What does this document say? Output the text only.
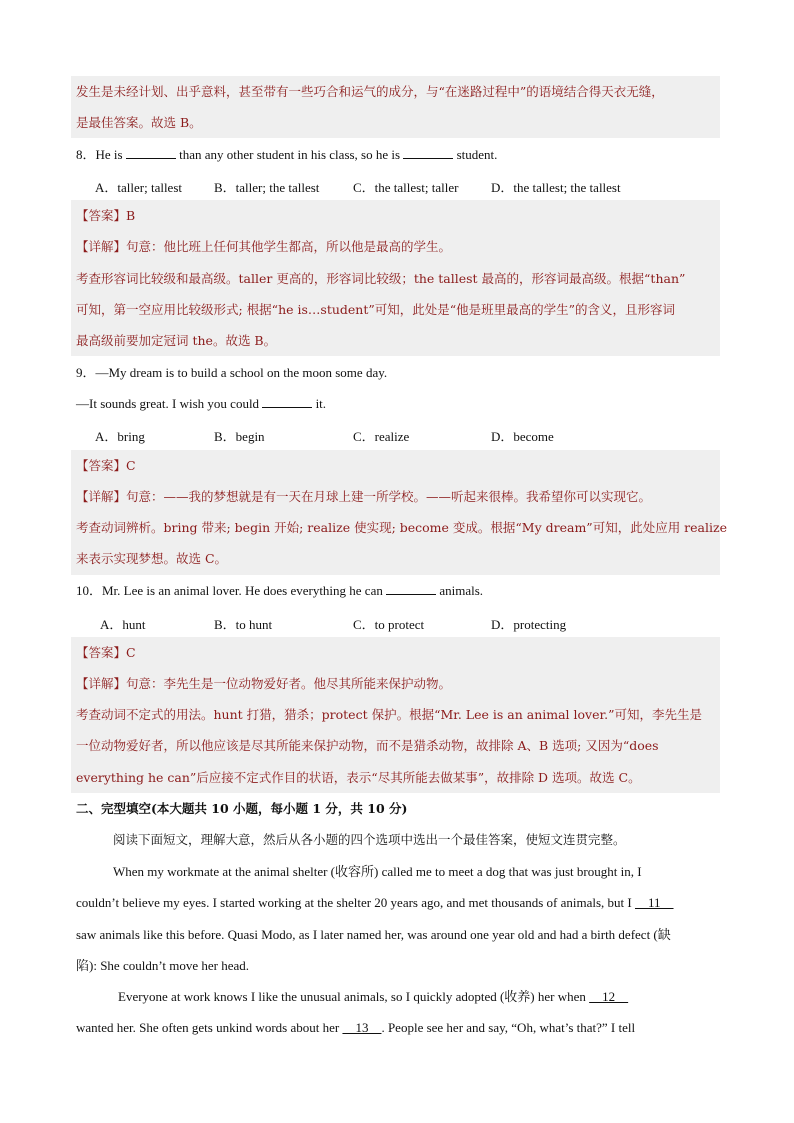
发生是未经计划、出乎意料，甚至带有一些巧合和运气的成分，与“在迷路过程中”的语境结合得天衣无缝，
是最佳答案。故选 B。
8．He is	than any other student in his class, so he is	student.
A．taller; tallest B．taller; the tallest	C．the tallest; taller	D．the tallest; the tallest
【答案】B
【详解】句意：他比班上任何其他学生都高，所以他是最高的学生。
考查形容词比较级和最高级。taller 更高的，形容词比较级；the tallest 最高的，形容词最高级。根据“than”
可知，第一空应用比较级形式; 根据“he is…student”可知，此处是“他是班里最高的学生”的含义，且形容词
最高级前要加定冠词 the。故选 B。
9．—My dream is to build a school on the moon some day.
—It sounds great. I wish you could	it.
A．bring	B．begin	C．realize	D．become
【答案】C
【详解】句意：——我的梦想就是有一天在月球上建一所学校。——听起来很棒。我希望你可以实现它。
考查动词辨析。bring 带来; begin 开始; realize 使实现; become 变成。根据“My dream”可知，此处应用 realize
来表示实现梦想。故选 C。
10．Mr. Lee is an animal lover. He does everything he can	animals.
A．hunt	B．to hunt	C．to protect	D．protecting
【答案】C
【详解】句意：李先生是一位动物爱好者。他尽其所能来保护动物。
考查动词不定式的用法。hunt 打猎，猎杀；protect 保护。根据“Mr. Lee is an animal lover.”可知，李先生是
一位动物爱好者，所以他应该是尽其所能来保护动物，而不是猎杀动物，故排除 A、B 选项; 又因为“does
everything he can”后应接不定式作目的状语，表示“尽其所能去做某事”，故排除 D 选项。故选 C。
二、完型填空(本大题共 10 小题，每小题 1 分，共 10 分)
阅读下面短文，理解大意，然后从各小题的四个选项中选出一个最佳答案，使短文连贯完整。
When my workmate at the animal shelter (收容所) called me to meet a dog that was just brought in, I
couldn’t believe my eyes. I started working at the shelter 20 years ago, and met thousands of animals, but I     11
saw animals like this before. Quasi Modo, as I later named her, was around one year old and had a birth defect (缺
陷): She couldn’t move her head.
Everyone at work knows I like the unusual animals, so I quickly adopted (收养) her when     12
wanted her. She often gets unkind words about her     13    . People see her and say, “Oh, what’s that?” I tell
